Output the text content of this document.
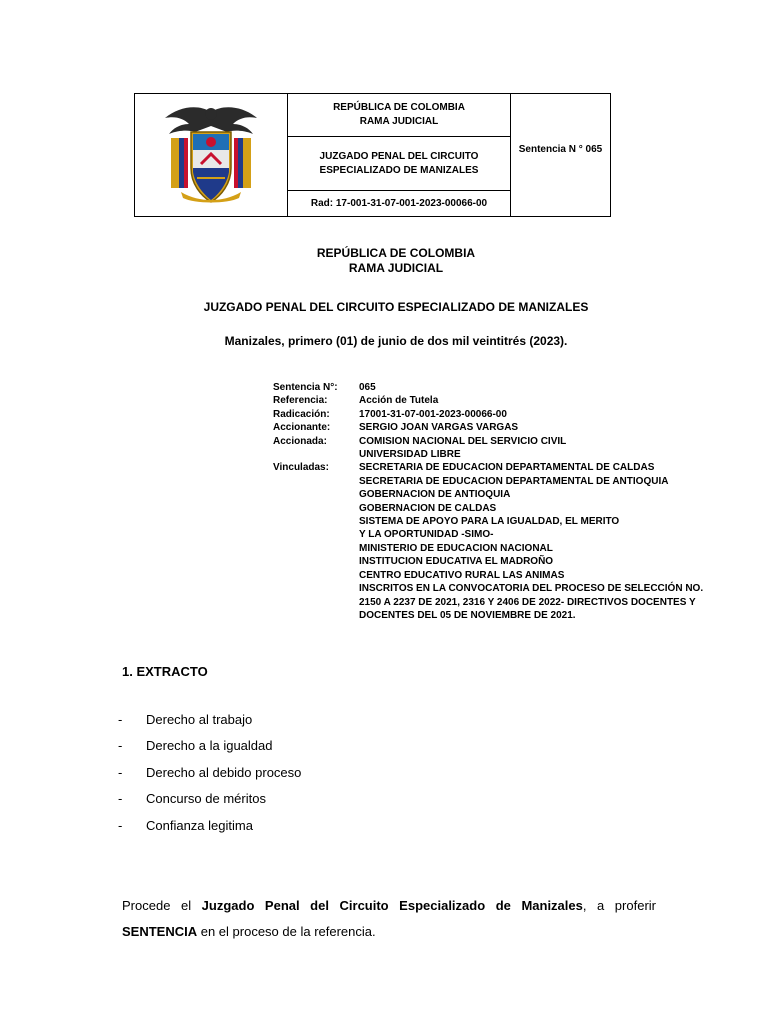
REPÚBLICA DE COLOMBIA
RAMA JUDICIAL
	Sentencia N ° 065

JUZGADO PENAL DEL CIRCUITO
ESPECIALIZADO DE MANIZALES

Rad: 17-001-31-07-001-2023-00066-00
REPÚBLICA DE COLOMBIA
RAMA JUDICIAL
JUZGADO PENAL DEL CIRCUITO ESPECIALIZADO DE MANIZALES
Manizales, primero (01) de junio de dos mil veintitrés (2023).
Sentencia N°:	065
Referencia:	Acción de Tutela
Radicación:	17001-31-07-001-2023-00066-00
Accionante:	SERGIO JOAN VARGAS VARGAS
Accionada:	COMISION NACIONAL DEL SERVICIO CIVIL
UNIVERSIDAD LIBRE
Vinculadas:	SECRETARIA DE EDUCACION DEPARTAMENTAL DE CALDAS
SECRETARIA DE EDUCACION DEPARTAMENTAL DE ANTIOQUIA
GOBERNACION DE ANTIOQUIA
GOBERNACION DE CALDAS
SISTEMA DE APOYO PARA LA IGUALDAD, EL MERITO
Y LA OPORTUNIDAD -SIMO-
MINISTERIO DE EDUCACION NACIONAL
INSTITUCION EDUCATIVA EL MADROÑO
CENTRO EDUCATIVO RURAL LAS ANIMAS
INSCRITOS EN LA CONVOCATORIA DEL PROCESO DE SELECCIÓN NO.
2150 A 2237 DE 2021, 2316 Y 2406 DE 2022- DIRECTIVOS DOCENTES Y
DOCENTES DEL 05 DE NOVIEMBRE DE 2021.
1. EXTRACTO
-	Derecho al trabajo
-	Derecho a la igualdad
-	Derecho al debido proceso
-	Concurso de méritos
-	Confianza legitima
Procede el Juzgado Penal del Circuito Especializado de Manizales, a proferir SENTENCIA en el proceso de la referencia.
